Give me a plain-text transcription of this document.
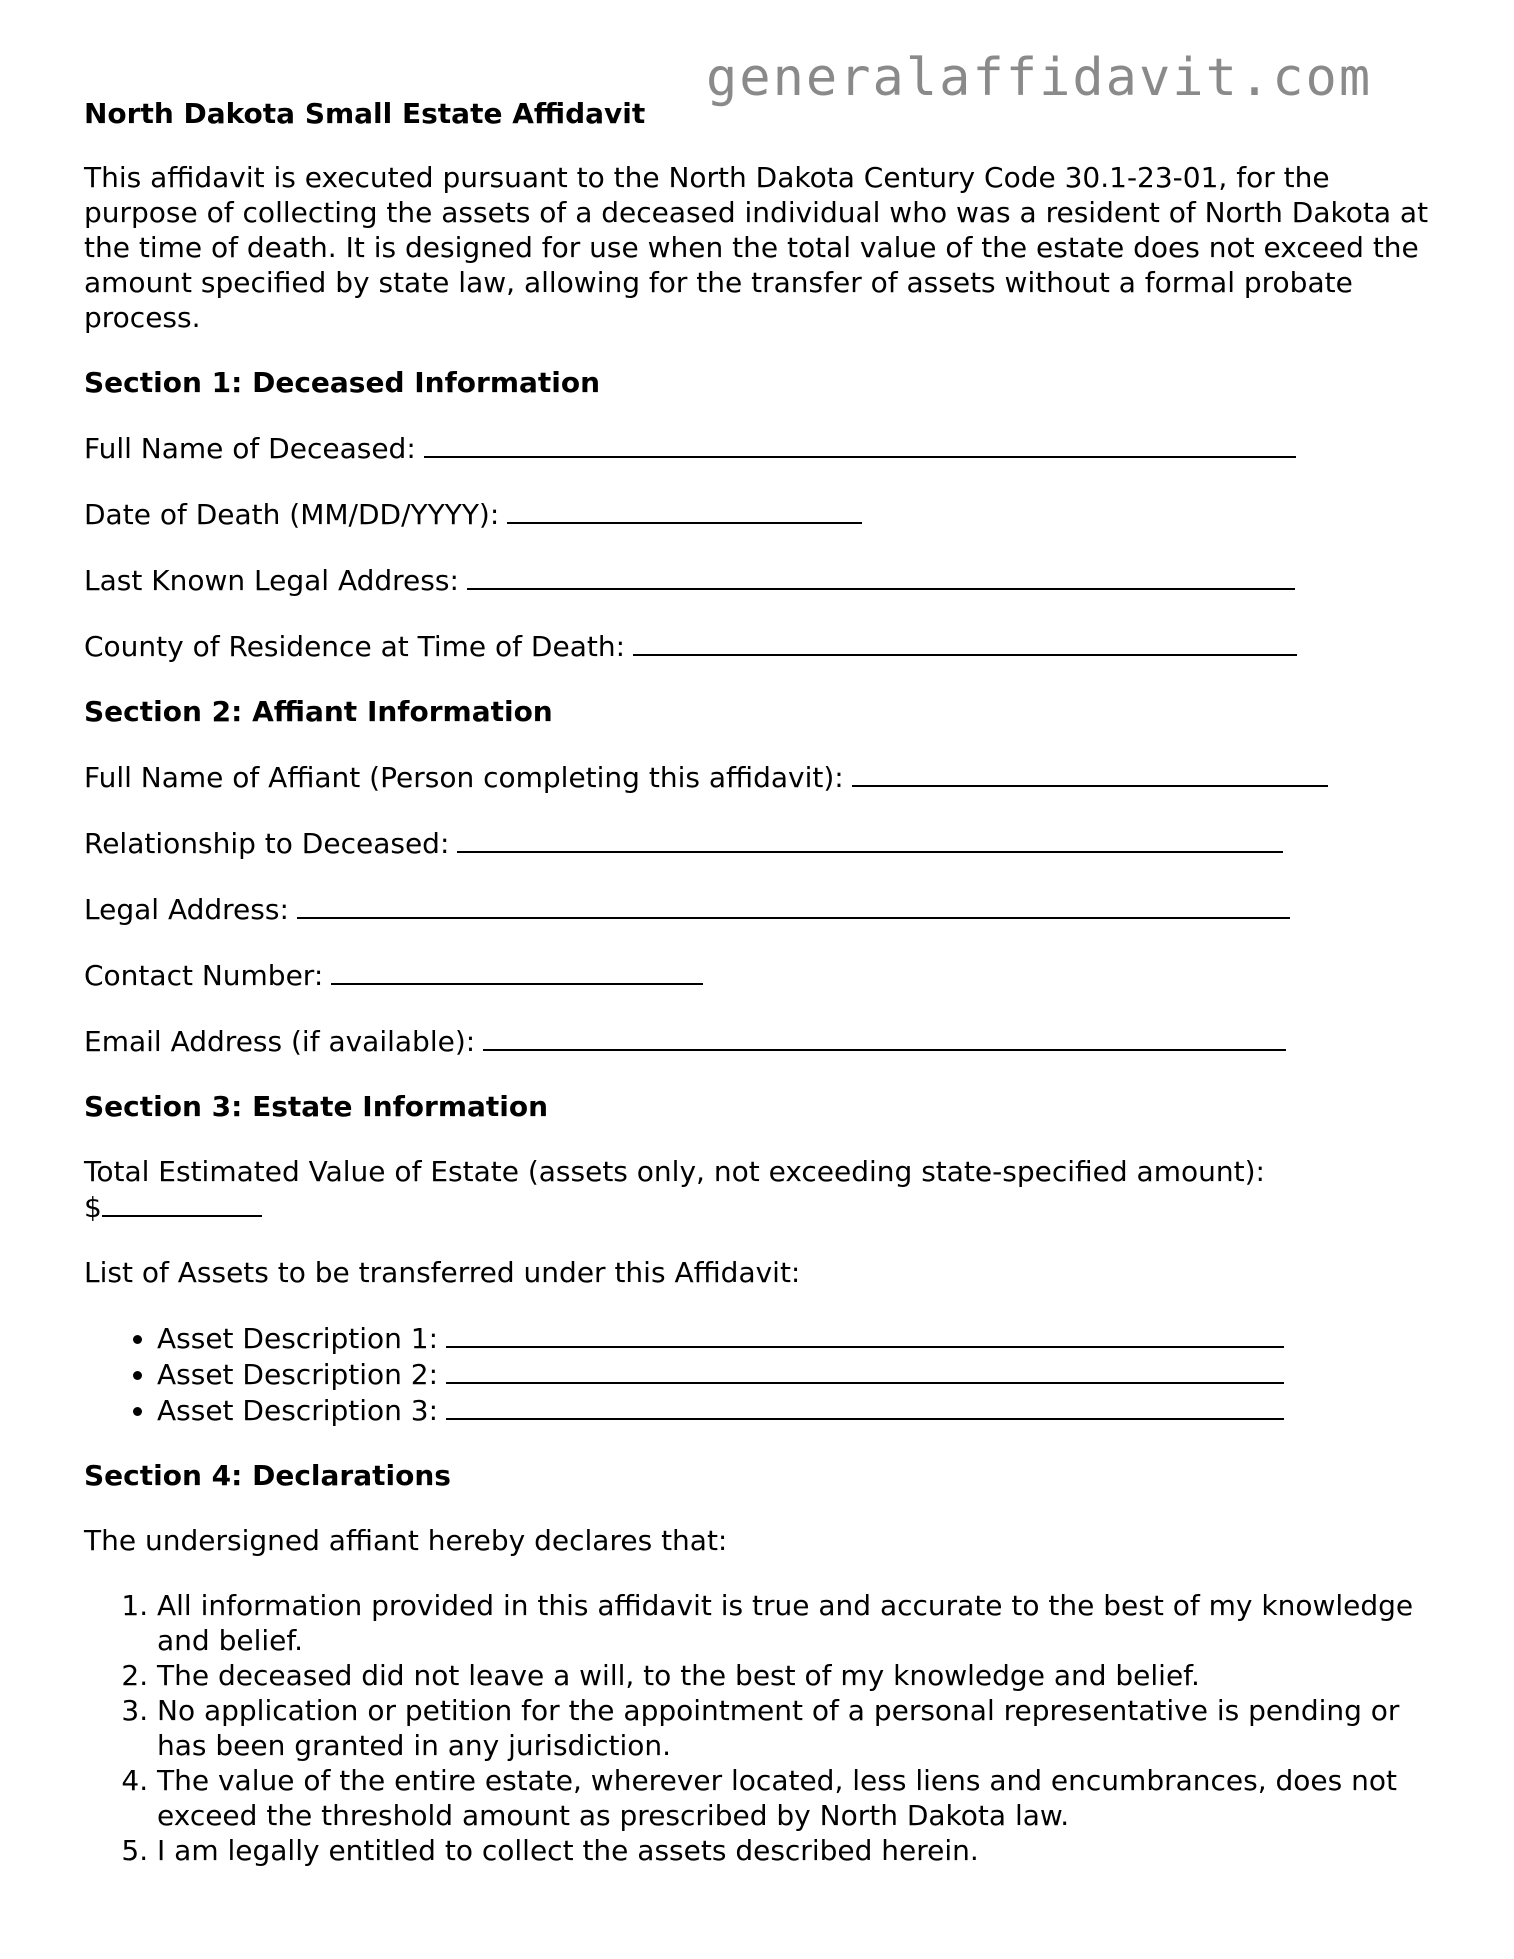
generalaffidavit.com
North Dakota Small Estate Affidavit

This affidavit is executed pursuant to the North Dakota Century Code 30.1-23-01, for the purpose of collecting the assets of a deceased individual who was a resident of North Dakota at the time of death. It is designed for use when the total value of the estate does not exceed the amount specified by state law, allowing for the transfer of assets without a formal probate process.

Section 1: Deceased Information
Full Name of Deceased:
Date of Death (MM/DD/YYYY):
Last Known Legal Address:
County of Residence at Time of Death:
Section 2: Affiant Information
Full Name of Affiant (Person completing this affidavit):
Relationship to Deceased:
Legal Address:
Contact Number:
Email Address (if available):
Section 3: Estate Information

Total Estimated Value of Estate (assets only, not exceeding state-specified amount):
$

List of Assets to be transferred under this Affidavit:

• Asset Description 1:
• Asset Description 2:
• Asset Description 3:
Section 4: Declarations

The undersigned affiant hereby declares that:

1. All information provided in this affidavit is true and accurate to the best of my knowledge and belief.
2. The deceased did not leave a will, to the best of my knowledge and belief.
3. No application or petition for the appointment of a personal representative is pending or has been granted in any jurisdiction.
4. The value of the entire estate, wherever located, less liens and encumbrances, does not exceed the threshold amount as prescribed by North Dakota law.
5. I am legally entitled to collect the assets described herein.
